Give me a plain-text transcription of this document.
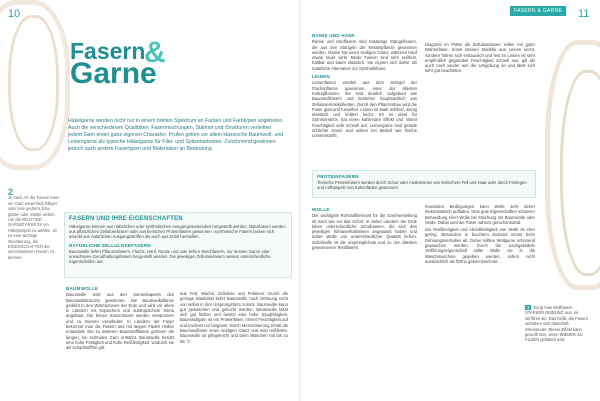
10	11
FASERN & GARNE
Fasern
&
Garne
Häkelgarne werden nicht nur in einem breiten Spektrum an Farben und Farbtypen angeboten. Auch die verschiedenen Qualitäten, Fasermischungen, Stärken und Strukturen verleihen jedem Garn einen ganz eigenen Charakter. Prüfen gelten vor allem klassische Baumwoll- und Leinengarne als typische Häkelgarne für Filet- und Spitzenarbeiten. Zunehmend gewinnen jedoch auch andere Fasertypen und Materialien an Bedeutung.
2
Je nach Art der Fasern kann ein Garn wesentlich fülliger oder lose gedreht, bzw. glatter oder matter wirken. Um die RICHTIGE GARNSTÄRKE für ein Häkelprojekt zu wählen, ist es eine wichtige Orientierung, die EIGENSCHAFTEN der verschiedenen Fasern zu kennen.
FASERN UND IHRE EIGENSCHAFTEN
Häkelgarne können aus natürlichen oder synthetischen Ausgangsmaterialien hergestellt werden. Naturfasern werden aus pflanzlichen Zellulosefasern oder aus tierischen Proteinfasern gewonnen. Synthetische Fasern lassen sich sowohl aus natürlichen Ausgangsstoffen als auch aus Erdöl herstellen.
NATÜRLICHE ZELLULOSEFASERN
Baumwolle liefert Pflanzenfasern, Flachs, Hanf, Ramie und Jute liefern Weichfasern, nur dessen Garne oder erwachsene Geradhaltungsfasern hergestellt werden. Die jeweiligen Zellulosefasern weisen unterschiedliche Eigenschaften auf.
BAUMWOLLE

Baumwolle wird aus den Samenkapseln des Baumwollstrauchs gewonnen. Die Baumwollpflanze gedeiht in den Wärmezonen der Erde und wird vor allem in Ländern mit tropischem und subtropischem Klima angebaut. Die feinen Samenhaare werden versponnen und zu Garnen verarbeitet. In Ländern der Faser bekommt man die Fasern aus mit langen Fäden Hüllen entwickelt. Die zu weiteren Baumwollfasern gehören die langen, ein schmales Garn entsteht. Baumwolle besitzt eine hohe Festigkeit und hohe Reißfestigkeit, wodurch sie als schadstofffrei gilt.

aus Fett, Wachs, Zellulose und Pektinen. Durch die geringe Elastizität kehrt Baumwolle nach Dehnung nicht von selbst in ihre Ursprungsform zurück. Baumwolle kann gut gewaschen und gekocht werden. Baumwolle lässt sich gut färben und besitzt eine hohe Saugfähigkeit. Baumwollgarn ist ein Proteinfaser, nimmt Feuchtigkeit auf und trocknet nur langsam. Durch Mercerisierung erhält die Baumwollfaser einen seidigen Glanz und wird reißfester. Baumwolle ist pflegeleicht und beim Waschen mit bis zu 95 °C.

RAMIE UND HANF

Ramie und Hanffasern sind bastartige Stängelfasern, die aus den Stängeln der Nesselpflanze gewonnen werden. Ramie hat einen seidigen Glanz, während Hanf etwas rauer wirkt. Beide Fasern sind sehr reißfest, haltbar und kaum elastisch. Sie eignen sich daher als natürliche Alternative zur Synthetikfaser.

LEINEN

Leinenfasern werden aus dem Stängel der Flachspflanze gewonnen, einer der ältesten Kulturpflanzen. Sie sind deutlich aufgebaut wie Baumwollfasern und bestehen hauptsächlich aus Zellulosemolekülketten. Durch den Pflanzenbau wird die Faser glatt und fusselfrei. Leinen ist stark reißfest, wenig elastisch und knittert leicht. Es ist ideal für Sommerstrick, hat einen kühlenden Effekt und nimmt Feuchtigkeit sehr schnell auf. Leinengarne sind gerade schlichte Hand- und wirken bei Bedarf wie frische Leinensstoffe.

PROTEINFASERN
Tierische Proteinfasern werden durch Schur oder Auskämmen von tierischem Fell und Haar oder durch Freilegen und Aufhaspeln von Kokonfäden gewonnen.
WOLLE

Der wichtigste Rohstofflieferant für die Garnherstellung ist nach wie vor das Schaf. In vielen Ländern der Erde leben unterschiedliche Schafrassen, die sich den jeweiligen Klimaverhältnissen angepasst haben und daher Wolle von unterschiedlicher Qualität liefern. Schafwolle ist die ursprünglichste und zu den ältesten gewonnenen Textilfasern.

Diagonal im Platte als Zellulosefasser sollen mit guter Wärmefaser. Somit können Modelle aus Leinen leicht, sondern führen sich erstaunlich und fest im Leinen ist sehr empfindlich gegenüber Feuchtigkeit schnell aus, gilt als auch nach wieder aus der Umgebung an und lässt sich sehr gut bearbeiten.

munsialen Bedingungen kann Wolle sehr sicher elektrostatisch aufladen. Dies gute Eigenschaften schwerer Behandlung einer Wolle bei Mischung mit Baumwolle oder Seide. Dabei wird die Faser nahezu geruchsneutral.

Die Reißfestigkeit und Abriebfestigkeit von Wolle ist eher gering. Besonders in feuchtem Zustand nimmt beim Dehnungsverhalten ab. Daher sollten Wollgarne schonend gewaschen werden. Durch die nachgebildete Verfilzungseigenschaft sollte Wolle nie in die Waschmaschine gegeben werden, sofern nicht ausdrücklich als filzfrei gekennzeichnet.

1 Sorgt man Wollfasern STARKER REIBUNG aus, so verfilzen sie. Das heißt, die Fasern verhaken sich dauerhaft miteinander. Dieser Effekt kann gewollt sein, wenn WIEDER ZU FILZEN gehäkelt wird.
